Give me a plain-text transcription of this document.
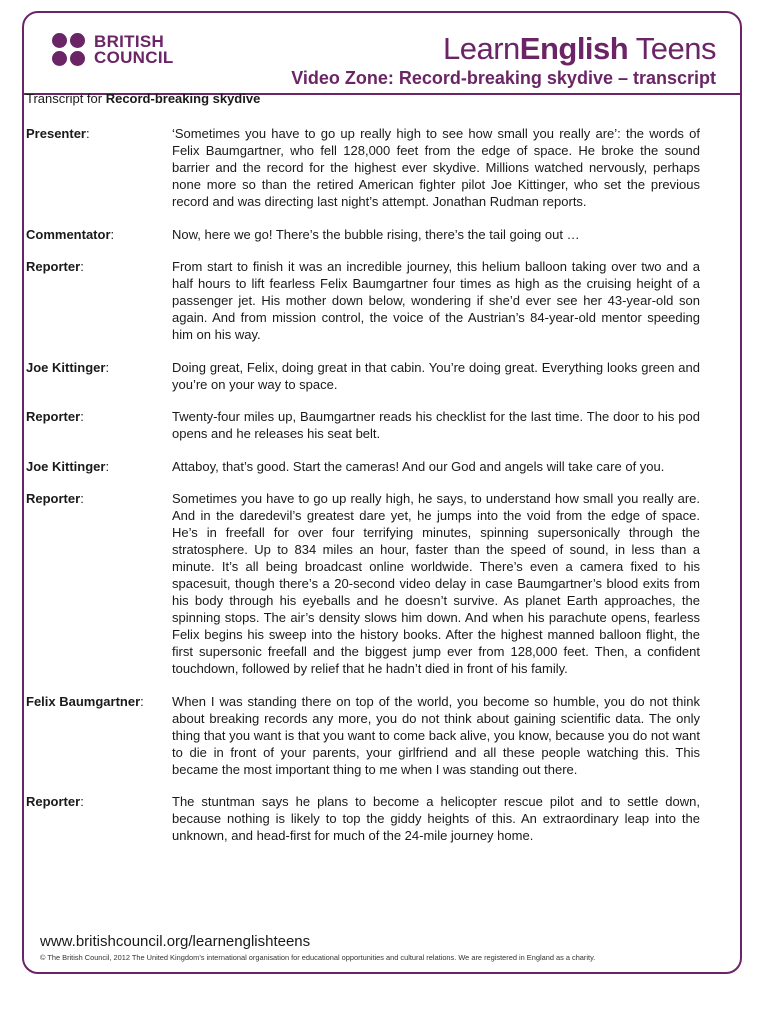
BRITISH
COUNCIL	LearnEnglish Teens
Video Zone: Record-breaking skydive – transcript
Transcript for Record-breaking skydive
Presenter:	‘Sometimes you have to go up really high to see how small you really are’: the words of Felix Baumgartner, who fell 128,000 feet from the edge of space. He broke the sound barrier and the record for the highest ever skydive. Millions watched nervously, perhaps none more so than the retired American fighter pilot Joe Kittinger, who set the previous record and was directing last night’s attempt. Jonathan Rudman reports.
Commentator:	Now, here we go! There’s the bubble rising, there’s the tail going out …
Reporter:	From start to finish it was an incredible journey, this helium balloon taking over two and a half hours to lift fearless Felix Baumgartner four times as high as the cruising height of a passenger jet. His mother down below, wondering if she’d ever see her 43-year-old son again. And from mission control, the voice of the Austrian’s 84-year-old mentor speeding him on his way.
Joe Kittinger:	Doing great, Felix, doing great in that cabin. You’re doing great. Everything looks green and you’re on your way to space.
Reporter:	Twenty-four miles up, Baumgartner reads his checklist for the last time. The door to his pod opens and he releases his seat belt.
Joe Kittinger:	Attaboy, that’s good. Start the cameras! And our God and angels will take care of you.
Reporter:	Sometimes you have to go up really high, he says, to understand how small you really are. And in the daredevil’s greatest dare yet, he jumps into the void from the edge of space. He’s in freefall for over four terrifying minutes, spinning supersonically through the stratosphere. Up to 834 miles an hour, faster than the speed of sound, in less than a minute. It’s all being broadcast online worldwide. There’s even a camera fixed to his spacesuit, though there’s a 20-second video delay in case Baumgartner’s blood exits from his body through his eyeballs and he doesn’t survive. As planet Earth approaches, the spinning stops. The air’s density slows him down. And when his parachute opens, fearless Felix begins his sweep into the history books. After the highest manned balloon flight, the first supersonic freefall and the biggest jump ever from 128,000 feet. Then, a confident touchdown, followed by relief that he hadn’t died in front of his family.
Felix Baumgartner:	When I was standing there on top of the world, you become so humble, you do not think about breaking records any more, you do not think about gaining scientific data. The only thing that you want is that you want to come back alive, you know, because you do not want to die in front of your parents, your girlfriend and all these people watching this. This became the most important thing to me when I was standing out there.
Reporter:	The stuntman says he plans to become a helicopter rescue pilot and to settle down, because nothing is likely to top the giddy heights of this. An extraordinary leap into the unknown, and head-first for much of the 24-mile journey home.
www.britishcouncil.org/learnenglishteens
© The British Council, 2012 The United Kingdom’s international organisation for educational opportunities and cultural relations. We are registered in England as a charity.
